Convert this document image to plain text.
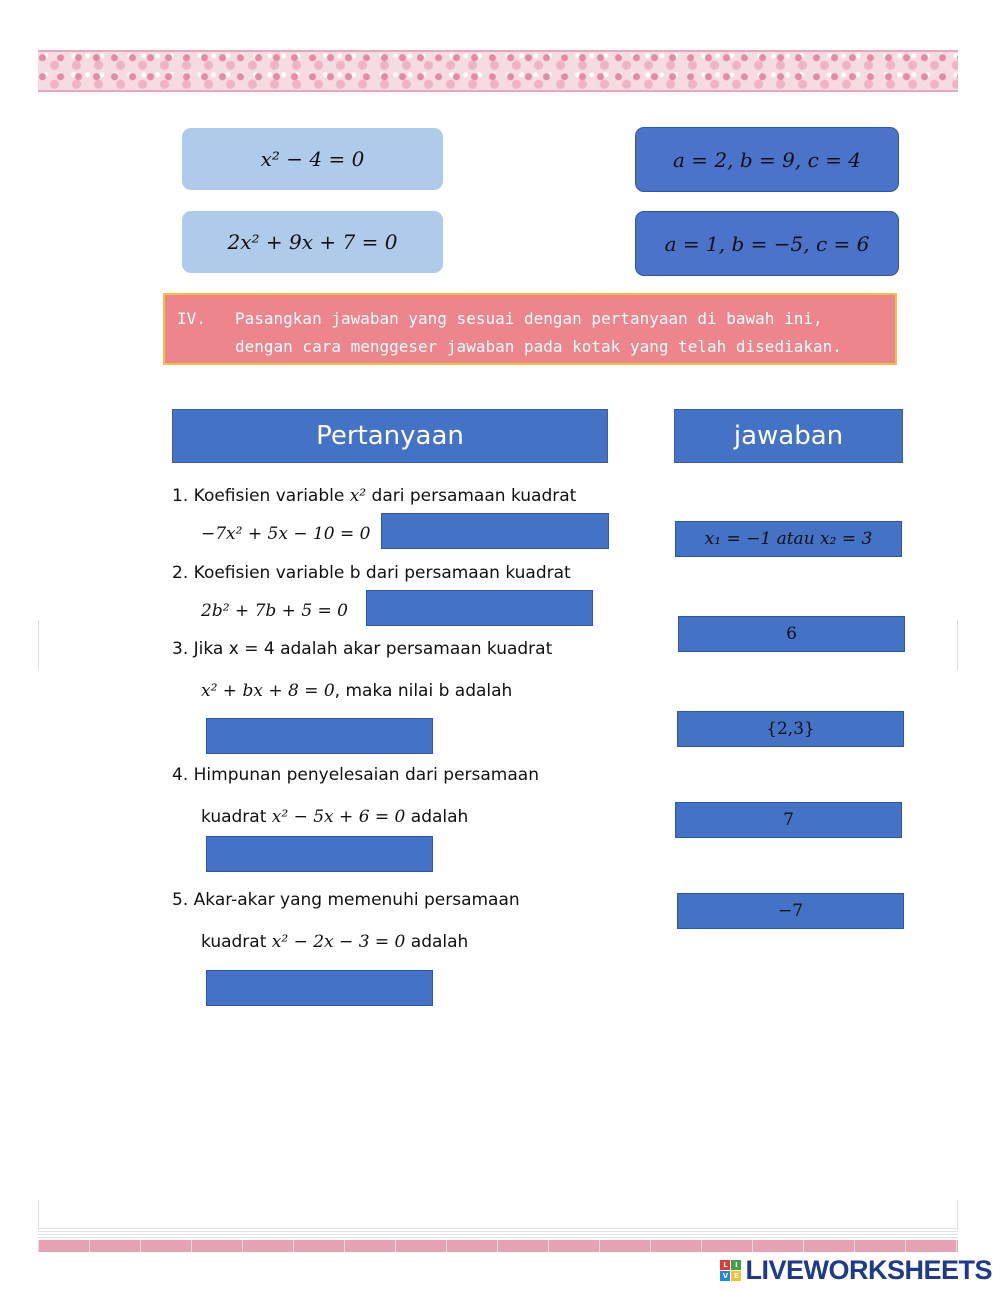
x² − 4 = 0
2x² + 9x + 7 = 0
a = 2, b = 9, c = 4
a = 1, b = −5, c = 6
IV. Pasangkan jawaban yang sesuai dengan pertanyaan di bawah ini, dengan cara menggeser jawaban pada kotak yang telah disediakan.
Pertanyaan	jawaban
1. Koefisien variable x² dari persamaan kuadrat
−7x² + 5x − 10 = 0
2. Koefisien variable b dari persamaan kuadrat
2b² + 7b + 5 = 0
3. Jika x = 4 adalah akar persamaan kuadrat
x² + bx + 8 = 0, maka nilai b adalah
4. Himpunan penyelesaian dari persamaan
kuadrat x² − 5x + 6 = 0 adalah
5. Akar-akar yang memenuhi persamaan
kuadrat x² − 2x − 3 = 0 adalah
x₁ = −1 atau x₂ = 3
6
{2,3}
7
−7
L	I
V E LIVEWORKSHEETS
